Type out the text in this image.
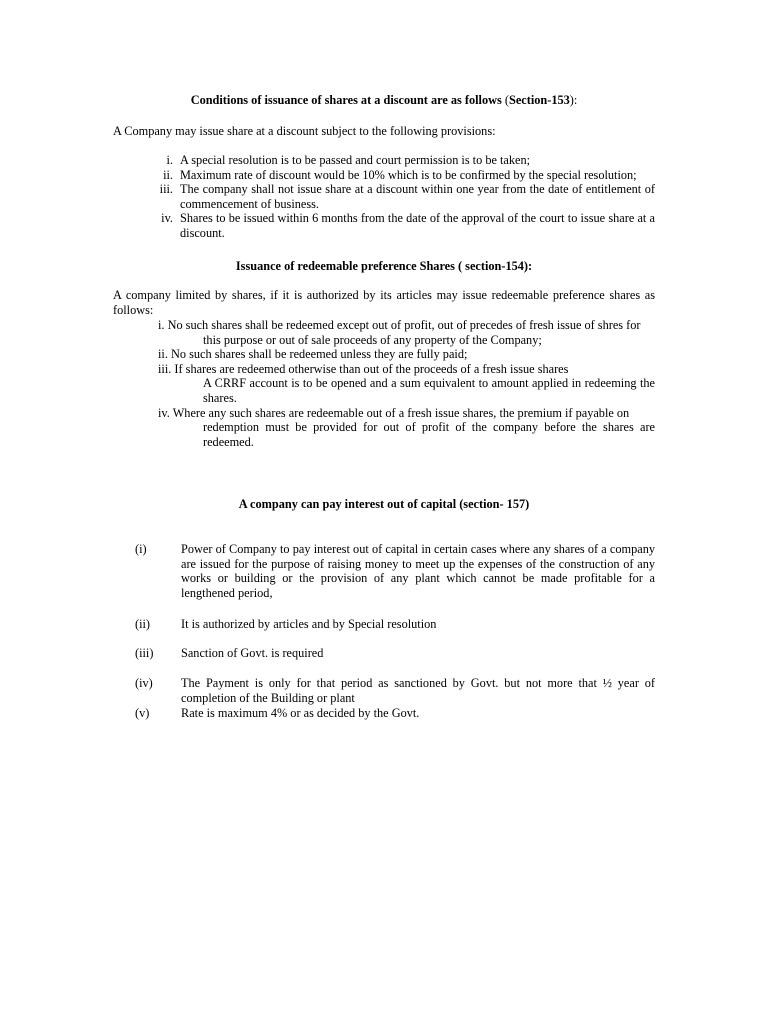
Conditions of issuance of shares at a discount are as follows (Section-153):
A Company may issue share at a discount subject to the following provisions:
i. A special resolution is to be passed and court permission is to be taken;
ii. Maximum rate of discount would be 10% which is to be confirmed by the special resolution;
iii. The company shall not issue share at a discount within one year from the date of entitlement of commencement of business.
iv. Shares to be issued within 6 months from the date of the approval of the court to issue share at a discount.
Issuance of redeemable preference Shares ( section-154):
A company limited by shares, if it is authorized by its articles may issue redeemable preference shares as follows:
i. No such shares shall be redeemed except out of profit, out of precedes of fresh issue of shres for
this purpose or out of sale proceeds of any property of the Company;
ii. No such shares shall be redeemed unless they are fully paid;
iii. If shares are redeemed otherwise than out of the proceeds of a fresh issue shares
A CRRF account is to be opened and a sum equivalent to amount applied in redeeming the shares.
iv. Where any such shares are redeemable out of a fresh issue shares, the premium if payable on
redemption must be provided for out of profit of the company before the shares are redeemed.
A company can pay interest out of capital (section- 157)
(i)	Power of Company to pay interest out of capital in certain cases where any shares of a company are issued for the purpose of raising money to meet up the expenses of the construction of any works or building or the provision of any plant which cannot be made profitable for a lengthened period,
(ii)	It is authorized by articles and by Special resolution
(iii) Sanction of Govt. is required
(iv) The Payment is only for that period as sanctioned by Govt. but not more that ½ year of completion of the Building or plant
(v)	Rate is maximum 4% or as decided by the Govt.
